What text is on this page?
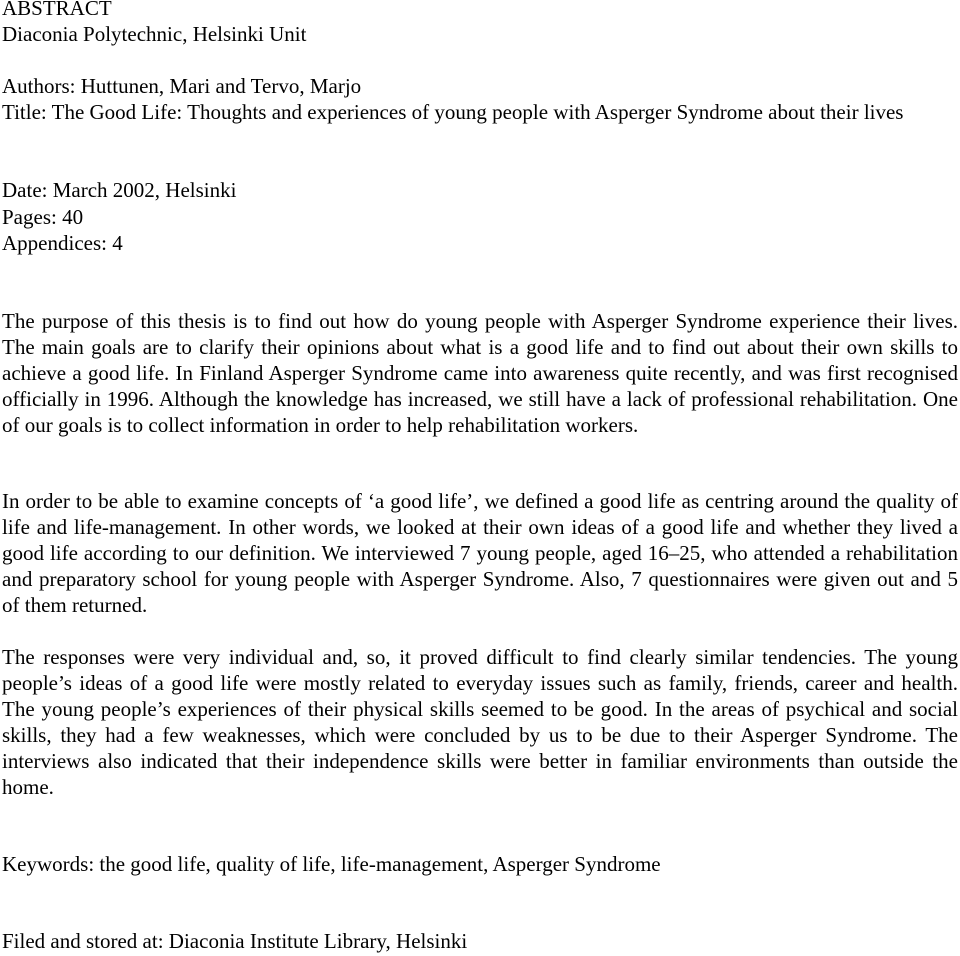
ABSTRACT
Diaconia Polytechnic, Helsinki Unit
Authors: Huttunen, Mari and Tervo, Marjo
Title: The Good Life: Thoughts and experiences of young people with Asperger Syndrome about their lives
Date: March 2002, Helsinki
Pages: 40
Appendices: 4
The purpose of this thesis is to find out how do young people with Asperger Syndrome experience their lives. The main goals are to clarify their opinions about what is a good life and to find out about their own skills to achieve a good life. In Finland Asperger Syndrome came into awareness quite recently, and was first recognised officially in 1996. Although the knowledge has increased, we still have a lack of professional rehabilitation. One of our goals is to collect information in order to help rehabilitation workers.
In order to be able to examine concepts of ‘a good life’, we defined a good life as centring around the quality of life and life-management. In other words, we looked at their own ideas of a good life and whether they lived a good life according to our definition. We interviewed 7 young people, aged 16–25, who attended a rehabilitation and preparatory school for young people with Asperger Syndrome. Also, 7 questionnaires were given out and 5 of them returned.
The responses were very individual and, so, it proved difficult to find clearly similar tendencies. The young people’s ideas of a good life were mostly related to everyday issues such as family, friends, career and health. The young people’s experiences of their physical skills seemed to be good. In the areas of psychical and social skills, they had a few weaknesses, which were concluded by us to be due to their Asperger Syndrome. The interviews also indicated that their independence skills were better in familiar environments than outside the home.
Keywords: the good life, quality of life, life-management, Asperger Syndrome
Filed and stored at: Diaconia Institute Library, Helsinki
